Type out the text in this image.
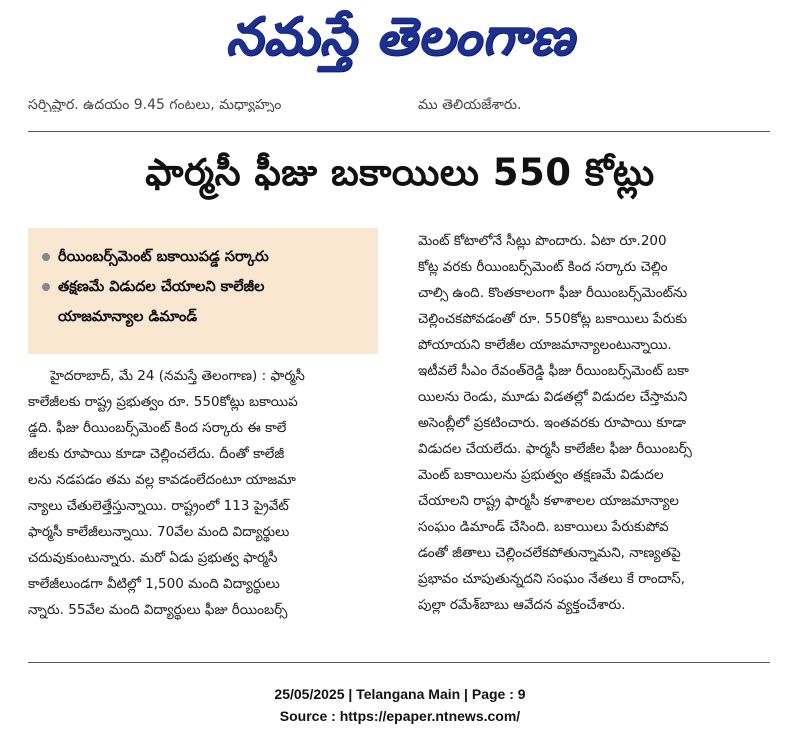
నమస్తే తెలంగాణ
సర్పిష్టార. ఉదయం 9.45 గంటలు, మధ్యాహ్నం	ము తెలియజేశారు.
ఫార్మసీ ఫీజు బకాయిలు 550 కోట్లు
రీయింబర్స్‌మెంట్ బకాయిపడ్డ సర్కారు
తక్షణమే విడుదల చేయాలని కాలేజీల
యాజమాన్యాల డిమాండ్
హైదరాబాద్, మే 24 (నమస్తే తెలంగాణ) : ఫార్మసీ
కాలేజీలకు రాష్ట్ర ప్రభుత్వం రూ. 550కోట్లు బకాయిప
డ్డది. ఫీజు రీయింబర్స్‌మెంట్ కింద సర్కారు ఈ కాలే
జీలకు రూపాయి కూడా చెల్లించలేదు. దీంతో కాలేజీ
లను నడపడం తమ వల్ల కావడంలేదంటూ యాజమా
న్యాలు చేతులెత్తేస్తున్నాయి. రాష్ట్రంలో 113 ప్రైవేట్
ఫార్మసీ కాలేజీలున్నాయి. 70వేల మంది విద్యార్థులు
చదువుకుంటున్నారు. మరో ఏడు ప్రభుత్వ ఫార్మసీ
కాలేజీలుండగా వీటిల్లో 1,500 మంది విద్యార్థులు
న్నారు. 55వేల మంది విద్యార్థులు ఫీజు రీయింబర్స్
మెంట్ కోటాలోనే సీట్లు పొందారు. ఏటా రూ.200
కోట్ల వరకు రీయింబర్స్‌మెంట్ కింద సర్కారు చెల్లిం
చాల్సి ఉంది. కొంతకాలంగా ఫీజు రీయింబర్స్‌మెంట్‌ను
చెల్లించకపోవడంతో రూ. 550కోట్ల బకాయిలు పేరుకు
పోయాయని కాలేజీల యాజమాన్యాలంటున్నాయి.
ఇటీవలే సీఎం రేవంత్‌రెడ్డి ఫీజు రీయింబర్స్‌మెంట్ బకా
యిలను రెండు, మూడు విడతల్లో విడుదల చేస్తామని
అసెంబ్లీలో ప్రకటించారు. ఇంతవరకు రూపాయి కూడా
విడుదల చేయలేదు. ఫార్మసీ కాలేజీల ఫీజు రీయింబర్స్
మెంట్ బకాయిలను ప్రభుత్వం తక్షణమే విడుదల
చేయాలని రాష్ట్ర ఫార్మసీ కళాశాలల యాజమాన్యాల
సంఘం డిమాండ్ చేసింది. బకాయిలు పేరుకుపోవ
డంతో జీతాలు చెల్లించలేకపోతున్నామని, నాణ్యతపై
ప్రభావం చూపుతున్నదని సంఘం నేతలు కే రాందాస్,
పుల్లా రమేశ్‌బాబు ఆవేదన వ్యక్తంచేశారు.
25/05/2025 | Telangana Main | Page : 9
Source : https://epaper.ntnews.com/
